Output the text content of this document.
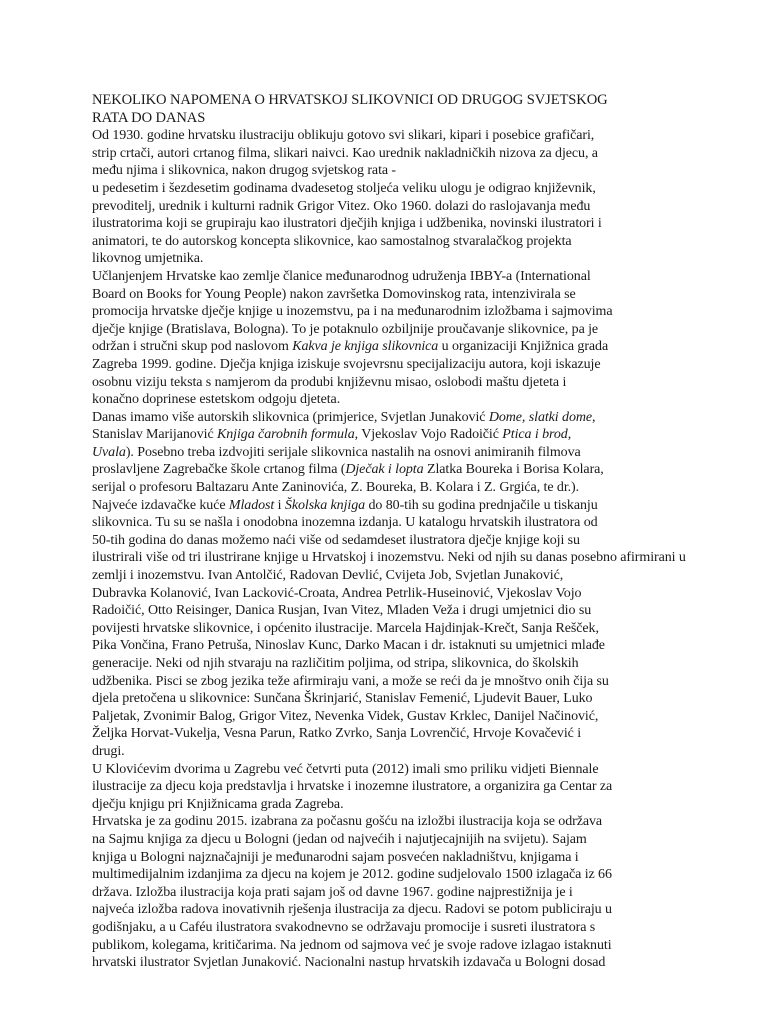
NEKOLIKO NAPOMENA O HRVATSKOJ SLIKOVNICI OD DRUGOG SVJETSKOG
RATA DO DANAS

Od 1930. godine hrvatsku ilustraciju oblikuju gotovo svi slikari, kipari i posebice grafičari,
strip crtači, autori crtanog filma, slikari naivci. Kao urednik nakladničkih nizova za djecu, a
među njima i slikovnica, nakon drugog svjetskog rata -

u pedesetim i šezdesetim godinama dvadesetog stoljeća veliku ulogu je odigrao književnik,
prevoditelj, urednik i kulturni radnik Grigor Vitez. Oko 1960. dolazi do raslojavanja među
ilustratorima koji se grupiraju kao ilustratori dječjih knjiga i udžbenika, novinski ilustratori i
animatori, te do autorskog koncepta slikovnice, kao samostalnog stvaralačkog projekta
likovnog umjetnika.

Učlanjenjem Hrvatske kao zemlje članice međunarodnog udruženja IBBY-a (International
Board on Books for Young People) nakon završetka Domovinskog rata, intenzivirala se
promocija hrvatske dječje knjige u inozemstvu, pa i na međunarodnim izložbama i sajmovima
dječje knjige (Bratislava, Bologna). To je potaknulo ozbiljnije proučavanje slikovnice, pa je
održan i stručni skup pod naslovom Kakva je knjiga slikovnica u organizaciji Knjižnica grada
Zagreba 1999. godine. Dječja knjiga iziskuje svojevrsnu specijalizaciju autora, koji iskazuje
osobnu viziju teksta s namjerom da produbi književnu misao, oslobodi maštu djeteta i
konačno doprinese estetskom odgoju djeteta.

Danas imamo više autorskih slikovnica (primjerice, Svjetlan Junaković Dome, slatki dome,
Stanislav Marijanović Knjiga čarobnih formula, Vjekoslav Vojo Radoičić Ptica i brod,
Uvala). Posebno treba izdvojiti serijale slikovnica nastalih na osnovi animiranih filmova
proslavljene Zagrebačke škole crtanog filma (Dječak i lopta Zlatka Boureka i Borisa Kolara,
serijal o profesoru Baltazaru Ante Zaninovića, Z. Boureka, B. Kolara i Z. Grgića, te dr.).
Najveće izdavačke kuće Mladost i Školska knjiga do 80-tih su godina prednjačile u tiskanju
slikovnica. Tu su se našla i onodobna inozemna izdanja. U katalogu hrvatskih ilustratora od
50-tih godina do danas možemo naći više od sedamdeset ilustratora dječje knjige koji su
ilustrirali više od tri ilustrirane knjige u Hrvatskoj i inozemstvu. Neki od njih su danas posebno afirmirani u
zemlji i inozemstvu. Ivan Antolčić, Radovan Devlić, Cvijeta Job, Svjetlan Junaković,
Dubravka Kolanović, Ivan Lacković-Croata, Andrea Petrlik-Huseinović, Vjekoslav Vojo
Radoičić, Otto Reisinger, Danica Rusjan, Ivan Vitez, Mladen Veža i drugi umjetnici dio su
povijesti hrvatske slikovnice, i općenito ilustracije. Marcela Hajdinjak-Krečt, Sanja Rešček,
Pika Vončina, Frano Petruša, Ninoslav Kunc, Darko Macan i dr. istaknuti su umjetnici mlađe
generacije. Neki od njih stvaraju na različitim poljima, od stripa, slikovnica, do školskih
udžbenika. Pisci se zbog jezika teže afirmiraju vani, a može se reći da je mnoštvo onih čija su
djela pretočena u slikovnice: Sunčana Škrinjarić, Stanislav Femenić, Ljudevit Bauer, Luko
Paljetak, Zvonimir Balog, Grigor Vitez, Nevenka Videk, Gustav Krklec, Danijel Načinović,
Željka Horvat-Vukelja, Vesna Parun, Ratko Zvrko, Sanja Lovrenčić, Hrvoje Kovačević i
drugi.

U Klovićevim dvorima u Zagrebu već četvrti puta (2012) imali smo priliku vidjeti Biennale
ilustracije za djecu koja predstavlja i hrvatske i inozemne ilustratore, a organizira ga Centar za
dječju knjigu pri Knjižnicama grada Zagreba.

Hrvatska je za godinu 2015. izabrana za počasnu gošću na izložbi ilustracija koja se održava
na Sajmu knjiga za djecu u Bologni (jedan od najvećih i najutjecajnijih na svijetu). Sajam
knjiga u Bologni najznačajniji je međunarodni sajam posvećen nakladništvu, knjigama i
multimedijalnim izdanjima za djecu na kojem je 2012. godine sudjelovalo 1500 izlagača iz 66
država. Izložba ilustracija koja prati sajam još od davne 1967. godine najprestižnija je i
najveća izložba radova inovativnih rješenja ilustracija za djecu. Radovi se potom publiciraju u
godišnjaku, a u Caféu ilustratora svakodnevno se održavaju promocije i susreti ilustratora s
publikom, kolegama, kritičarima. Na jednom od sajmova već je svoje radove izlagao istaknuti
hrvatski ilustrator Svjetlan Junaković. Nacionalni nastup hrvatskih izdavača u Bologni dosad
